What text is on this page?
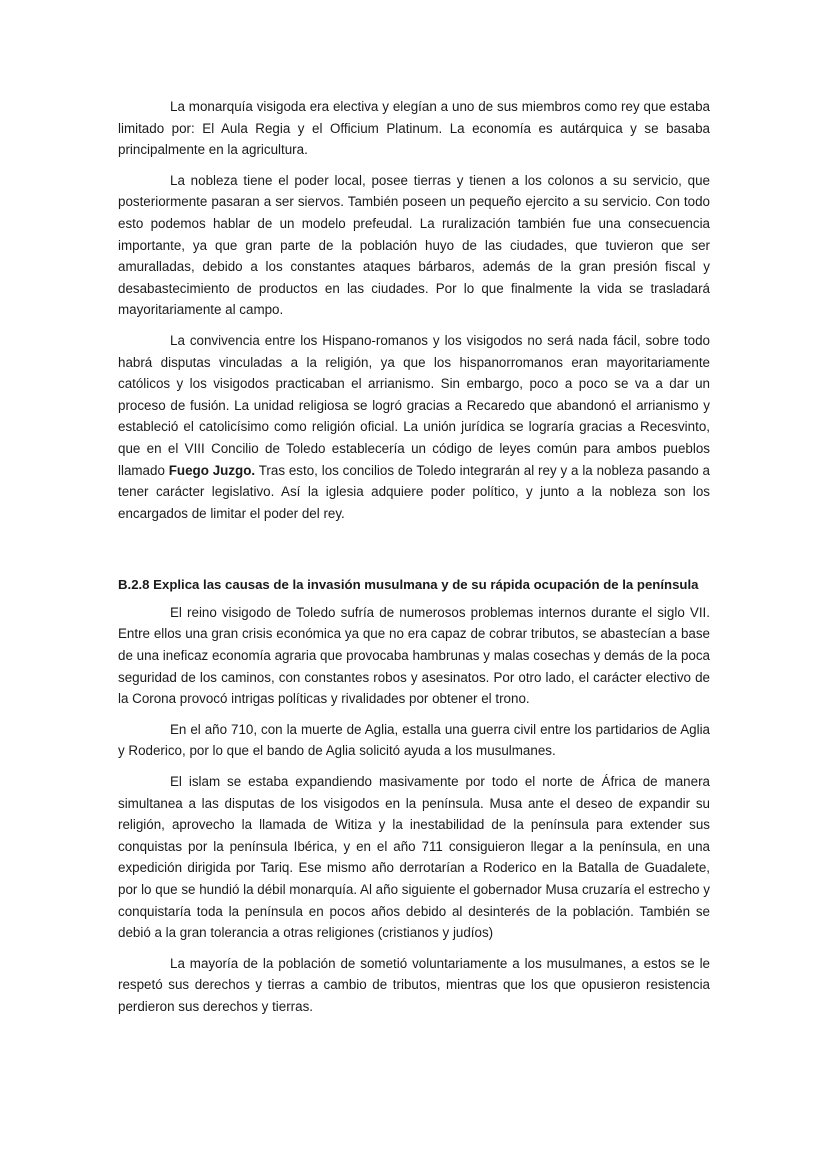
La monarquía visigoda era electiva y elegían a uno de sus miembros como rey que estaba limitado por: El Aula Regia y el Officium Platinum. La economía es autárquica y se basaba principalmente en la agricultura.

La nobleza tiene el poder local, posee tierras y tienen a los colonos a su servicio, que posteriormente pasaran a ser siervos. También poseen un pequeño ejercito a su servicio. Con todo esto podemos hablar de un modelo prefeudal. La ruralización también fue una consecuencia importante, ya que gran parte de la población huyo de las ciudades, que tuvieron que ser amuralladas, debido a los constantes ataques bárbaros, además de la gran presión fiscal y desabastecimiento de productos en las ciudades. Por lo que finalmente la vida se trasladará mayoritariamente al campo.

La convivencia entre los Hispano-romanos y los visigodos no será nada fácil, sobre todo habrá disputas vinculadas a la religión, ya que los hispanorromanos eran mayoritariamente católicos y los visigodos practicaban el arrianismo. Sin embargo, poco a poco se va a dar un proceso de fusión. La unidad religiosa se logró gracias a Recaredo que abandonó el arrianismo y estableció el catolicísimo como religión oficial. La unión jurídica se lograría gracias a Recesvinto, que en el VIII Concilio de Toledo establecería un código de leyes común para ambos pueblos llamado Fuego Juzgo. Tras esto, los concilios de Toledo integrarán al rey y a la nobleza pasando a tener carácter legislativo. Así la iglesia adquiere poder político, y junto a la nobleza son los encargados de limitar el poder del rey.

B.2.8 Explica las causas de la invasión musulmana y de su rápida ocupación de la península

El reino visigodo de Toledo sufría de numerosos problemas internos durante el siglo VII. Entre ellos una gran crisis económica ya que no era capaz de cobrar tributos, se abastecían a base de una ineficaz economía agraria que provocaba hambrunas y malas cosechas y demás de la poca seguridad de los caminos, con constantes robos y asesinatos. Por otro lado, el carácter electivo de la Corona provocó intrigas políticas y rivalidades por obtener el trono.

En el año 710, con la muerte de Aglia, estalla una guerra civil entre los partidarios de Aglia y Roderico, por lo que el bando de Aglia solicitó ayuda a los musulmanes.

El islam se estaba expandiendo masivamente por todo el norte de África de manera simultanea a las disputas de los visigodos en la península. Musa ante el deseo de expandir su religión, aprovecho la llamada de Witiza y la inestabilidad de la península para extender sus conquistas por la península Ibérica, y en el año 711 consiguieron llegar a la península, en una expedición dirigida por Tariq. Ese mismo año derrotarían a Roderico en la Batalla de Guadalete, por lo que se hundió la débil monarquía. Al año siguiente el gobernador Musa cruzaría el estrecho y conquistaría toda la península en pocos años debido al desinterés de la población. También se debió a la gran tolerancia a otras religiones (cristianos y judíos)

La mayoría de la población de sometió voluntariamente a los musulmanes, a estos se le respetó sus derechos y tierras a cambio de tributos, mientras que los que opusieron resistencia perdieron sus derechos y tierras.
